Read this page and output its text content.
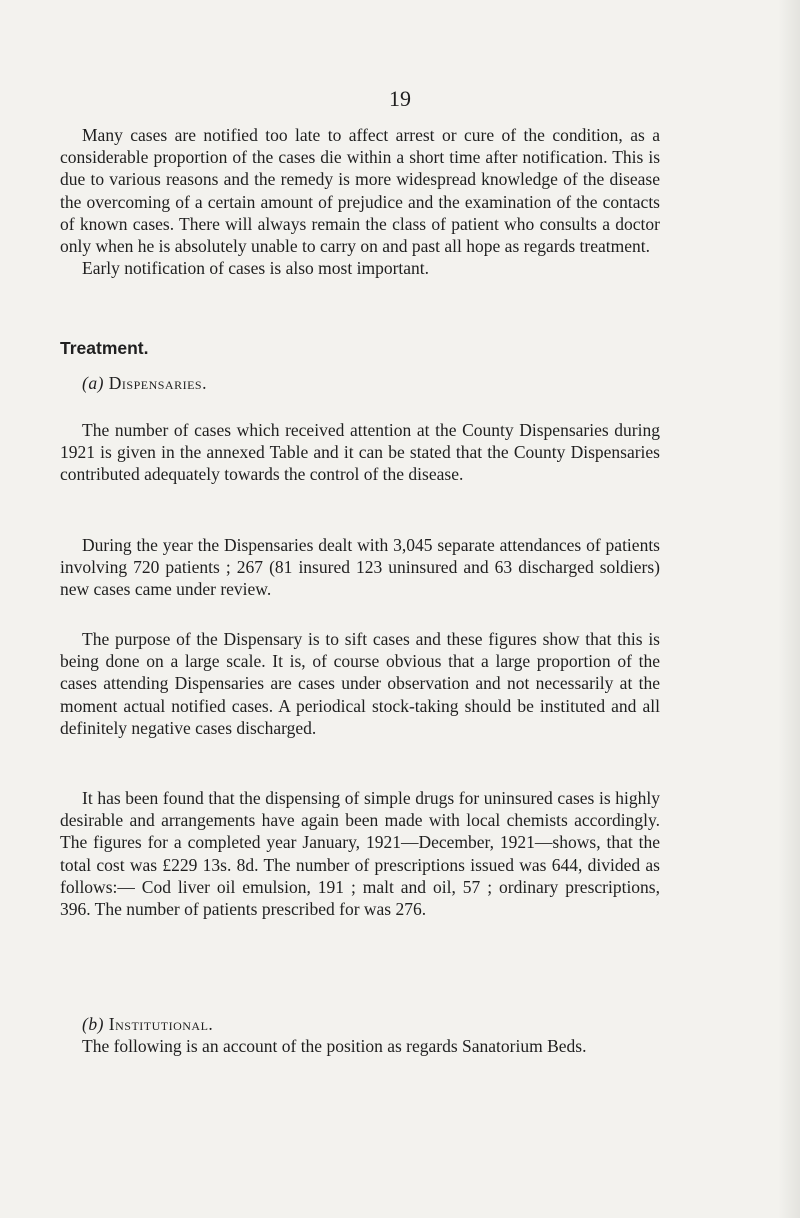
19

Many cases are notified too late to affect arrest or cure of the condition, as a considerable proportion of the cases die within a short time after notification. This is due to various reasons and the remedy is more widespread knowledge of the disease the overcoming of a certain amount of prejudice and the examination of the contacts of known cases. There will always remain the class of patient who consults a doctor only when he is absolutely unable to carry on and past all hope as regards treatment.

Early notification of cases is also most important.

Treatment.

(a) Dispensaries.

The number of cases which received attention at the County Dispensaries during 1921 is given in the annexed Table and it can be stated that the County Dispensaries contributed adequately towards the control of the disease.

During the year the Dispensaries dealt with 3,045 separate attendances of patients involving 720 patients ; 267 (81 insured 123 uninsured and 63 discharged soldiers) new cases came under review.

The purpose of the Dispensary is to sift cases and these figures show that this is being done on a large scale. It is, of course obvious that a large proportion of the cases attending Dispensaries are cases under observation and not necessarily at the moment actual notified cases. A periodical stock-taking should be instituted and all definitely negative cases discharged.

It has been found that the dispensing of simple drugs for uninsured cases is highly desirable and arrangements have again been made with local chemists accordingly. The figures for a completed year January, 1921—December, 1921—shows, that the total cost was £229 13s. 8d. The number of prescriptions issued was 644, divided as follows:— Cod liver oil emulsion, 191 ; malt and oil, 57 ; ordinary prescriptions, 396. The number of patients prescribed for was 276.

(b) Institutional.

The following is an account of the position as regards Sanatorium Beds.
